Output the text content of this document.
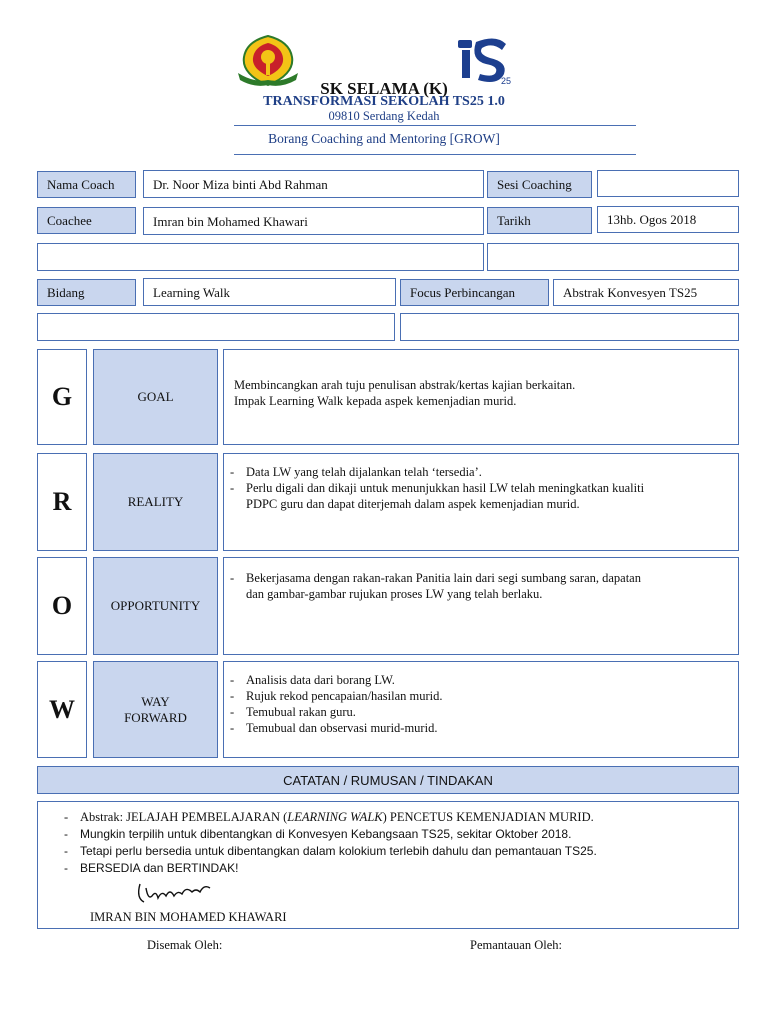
25
SK SELAMA (K)
TRANSFORMASI SEKOLAH TS25 1.0
09810 Serdang Kedah
Borang Coaching and Mentoring [GROW]
Nama Coach	Dr. Noor Miza binti Abd Rahman	Sesi Coaching
Coachee	Imran bin Mohamed Khawari	Tarikh	13hb. Ogos 2018
Bidang	Learning Walk	Focus Perbincangan	Abstrak Konvesyen TS25
G	GOAL
Membincangkan arah tuju penulisan abstrak/kertas kajian berkaitan.
Impak Learning Walk kepada aspek kemenjadian murid.
R	REALITY
- Data LW yang telah dijalankan telah ‘tersedia’.
- Perlu digali dan dikaji untuk menunjukkan hasil LW telah meningkatkan kualiti PDPC guru dan dapat diterjemah dalam aspek kemenjadian murid.
O	OPPORTUNITY
- Bekerjasama dengan rakan-rakan Panitia lain dari segi sumbang saran, dapatan dan gambar-gambar rujukan proses LW yang telah berlaku.
W	WAY
FORWARD
- Analisis data dari borang LW.
- Rujuk rekod pencapaian/hasilan murid.
- Temubual rakan guru.
- Temubual dan observasi murid-murid.
CATATAN / RUMUSAN / TINDAKAN
- Abstrak: JELAJAH PEMBELAJARAN (LEARNING WALK) PENCETUS KEMENJADIAN MURID.
- Mungkin terpilih untuk dibentangkan di Konvesyen Kebangsaan TS25, sekitar Oktober 2018.
- Tetapi perlu bersedia untuk dibentangkan dalam kolokium terlebih dahulu dan pemantauan TS25.
- BERSEDIA dan BERTINDAK!
IMRAN BIN MOHAMED KHAWARI
Disemak Oleh:	Pemantauan Oleh:
